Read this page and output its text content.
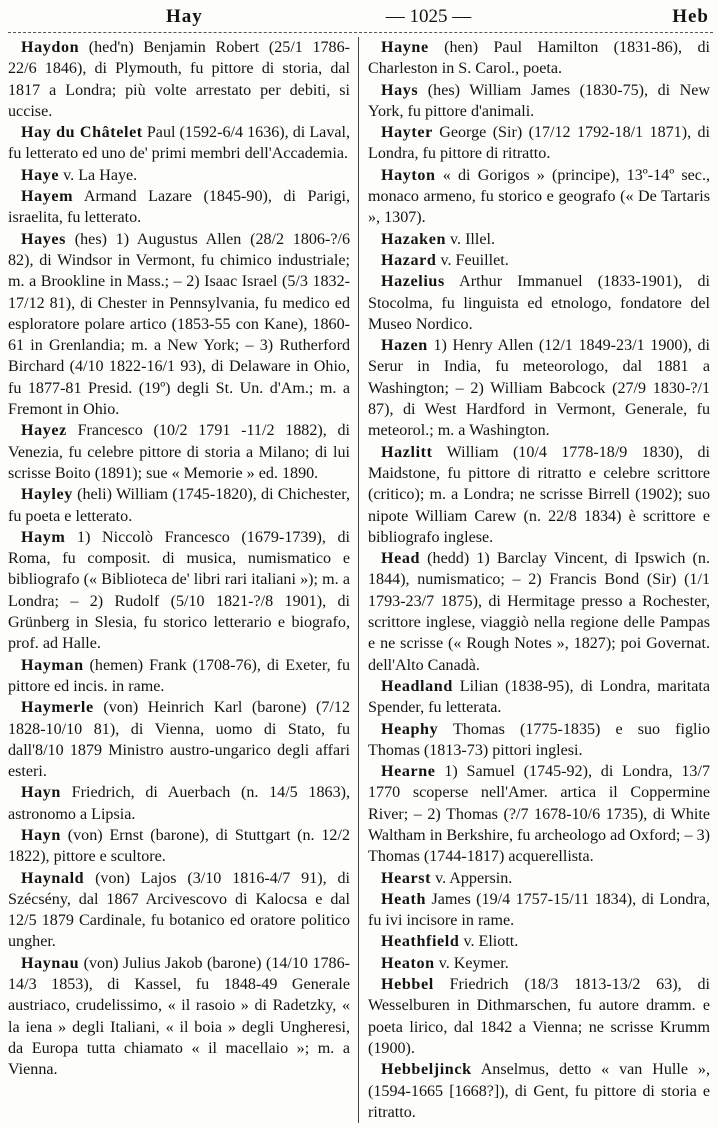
Hay	— 1025 —	Heb

Haydon (hed'n) Benjamin Robert (25/1 1786-22/6 1846), di Plymouth, fu pittore di storia, dal 1817 a Londra; più volte arrestato per debiti, si uccise.

Hay du Châtelet Paul (1592-6/4 1636), di Laval, fu letterato ed uno de' primi membri dell'Accademia.

Haye v. La Haye.

Hayem Armand Lazare (1845-90), di Parigi, israelita, fu letterato.

Hayes (hes) 1) Augustus Allen (28/2 1806-?/6 82), di Windsor in Vermont, fu chimico industriale; m. a Brookline in Mass.; – 2) Isaac Israel (5/3 1832-17/12 81), di Chester in Pennsylvania, fu medico ed esploratore polare artico (1853-55 con Kane), 1860-61 in Grenlandia; m. a New York; – 3) Rutherford Birchard (4/10 1822-16/1 93), di Delaware in Ohio, fu 1877-81 Presid. (19º) degli St. Un. d'Am.; m. a Fremont in Ohio.

Hayez Francesco (10/2 1791 -11/2 1882), di Venezia, fu celebre pittore di storia a Milano; di lui scrisse Boito (1891); sue « Memorie » ed. 1890.

Hayley (heli) William (1745-1820), di Chichester, fu poeta e letterato.

Haym 1) Niccolò Francesco (1679-1739), di Roma, fu composit. di musica, numismatico e bibliografo (« Biblioteca de' libri rari italiani »); m. a Londra; – 2) Rudolf (5/10 1821-?/8 1901), di Grünberg in Slesia, fu storico letterario e biografo, prof. ad Halle.

Hayman (hemen) Frank (1708-76), di Exeter, fu pittore ed incis. in rame.

Haymerle (von) Heinrich Karl (barone) (7/12 1828-10/10 81), di Vienna, uomo di Stato, fu dall'8/10 1879 Ministro austro-ungarico degli affari esteri.

Hayn Friedrich, di Auerbach (n. 14/5 1863), astronomo a Lipsia.

Hayn (von) Ernst (barone), di Stuttgart (n. 12/2 1822), pittore e scultore.

Haynald (von) Lajos (3/10 1816-4/7 91), di Szécsény, dal 1867 Arcivescovo di Kalocsa e dal 12/5 1879 Cardinale, fu botanico ed oratore politico ungher.

Haynau (von) Julius Jakob (barone) (14/10 1786-14/3 1853), di Kassel, fu 1848-49 Generale austriaco, crudelissimo, « il rasoio » di Radetzky, « la iena » degli Italiani, « il boia » degli Ungheresi, da Europa tutta chiamato « il macellaio »; m. a Vienna.

Hayne (hen) Paul Hamilton (1831-86), di Charleston in S. Carol., poeta.

Hays (hes) William James (1830-75), di New York, fu pittore d'animali.

Hayter George (Sir) (17/12 1792-18/1 1871), di Londra, fu pittore di ritratto.

Hayton « di Gorigos » (principe), 13º-14º sec., monaco armeno, fu storico e geografo (« De Tartaris », 1307).

Hazaken v. Illel.

Hazard v. Feuillet.

Hazelius Arthur Immanuel (1833-1901), di Stocolma, fu linguista ed etnologo, fondatore del Museo Nordico.

Hazen 1) Henry Allen (12/1 1849-23/1 1900), di Serur in India, fu meteorologo, dal 1881 a Washington; – 2) William Babcock (27/9 1830-?/1 87), di West Hardford in Vermont, Generale, fu meteorol.; m. a Washington.

Hazlitt William (10/4 1778-18/9 1830), di Maidstone, fu pittore di ritratto e celebre scrittore (critico); m. a Londra; ne scrisse Birrell (1902); suo nipote William Carew (n. 22/8 1834) è scrittore e bibliografo inglese.

Head (hedd) 1) Barclay Vincent, di Ipswich (n. 1844), numismatico; – 2) Francis Bond (Sir) (1/1 1793-23/7 1875), di Hermitage presso a Rochester, scrittore inglese, viaggiò nella regione delle Pampas e ne scrisse (« Rough Notes », 1827); poi Governat. dell'Alto Canadà.

Headland Lilian (1838-95), di Londra, maritata Spender, fu letterata.

Heaphy Thomas (1775-1835) e suo figlio Thomas (1813-73) pittori inglesi.

Hearne 1) Samuel (1745-92), di Londra, 13/7 1770 scoperse nell'Amer. artica il Coppermine River; – 2) Thomas (?/7 1678-10/6 1735), di White Waltham in Berkshire, fu archeologo ad Oxford; – 3) Thomas (1744-1817) acquerellista.

Hearst v. Appersin.

Heath James (19/4 1757-15/11 1834), di Londra, fu ivi incisore in rame.

Heathfield v. Eliott.

Heaton v. Keymer.

Hebbel Friedrich (18/3 1813-13/2 63), di Wesselburen in Dithmarschen, fu autore dramm. e poeta lirico, dal 1842 a Vienna; ne scrisse Krumm (1900).

Hebbeljinck Anselmus, detto « van Hulle », (1594-1665 [1668?]), di Gent, fu pittore di storia e ritratto.
